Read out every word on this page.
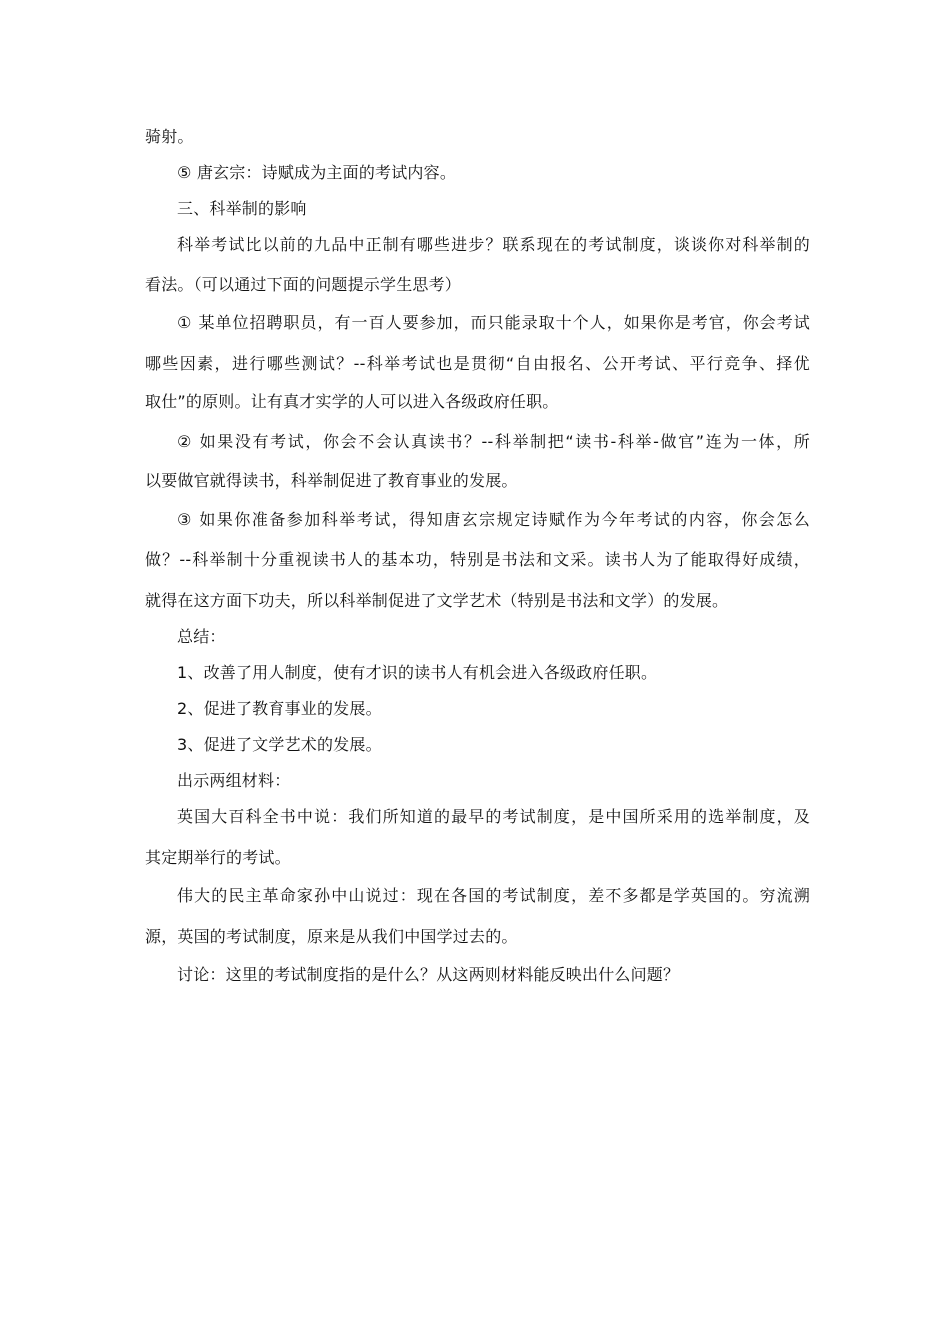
骑射。
⑤ 唐玄宗：诗赋成为主面的考试内容。
三、科举制的影响
科举考试比以前的九品中正制有哪些进步？联系现在的考试制度，谈谈你对科举制的
看法。（可以通过下面的问题提示学生思考）
① 某单位招聘职员，有一百人要参加，而只能录取十个人，如果你是考官，你会考试
哪些因素，进行哪些测试？--科举考试也是贯彻“自由报名、公开考试、平行竞争、择优
取仕”的原则。让有真才实学的人可以进入各级政府任职。
② 如果没有考试，你会不会认真读书？--科举制把“读书-科举-做官”连为一体，所
以要做官就得读书，科举制促进了教育事业的发展。
③ 如果你准备参加科举考试，得知唐玄宗规定诗赋作为今年考试的内容，你会怎么
做？--科举制十分重视读书人的基本功，特别是书法和文采。读书人为了能取得好成绩，
就得在这方面下功夫，所以科举制促进了文学艺术（特别是书法和文学）的发展。
总结：
1、改善了用人制度，使有才识的读书人有机会进入各级政府任职。
2、促进了教育事业的发展。
3、促进了文学艺术的发展。
出示两组材料：
英国大百科全书中说：我们所知道的最早的考试制度，是中国所采用的选举制度，及
其定期举行的考试。
伟大的民主革命家孙中山说过：现在各国的考试制度，差不多都是学英国的。穷流溯
源，英国的考试制度，原来是从我们中国学过去的。
讨论：这里的考试制度指的是什么？从这两则材料能反映出什么问题？
